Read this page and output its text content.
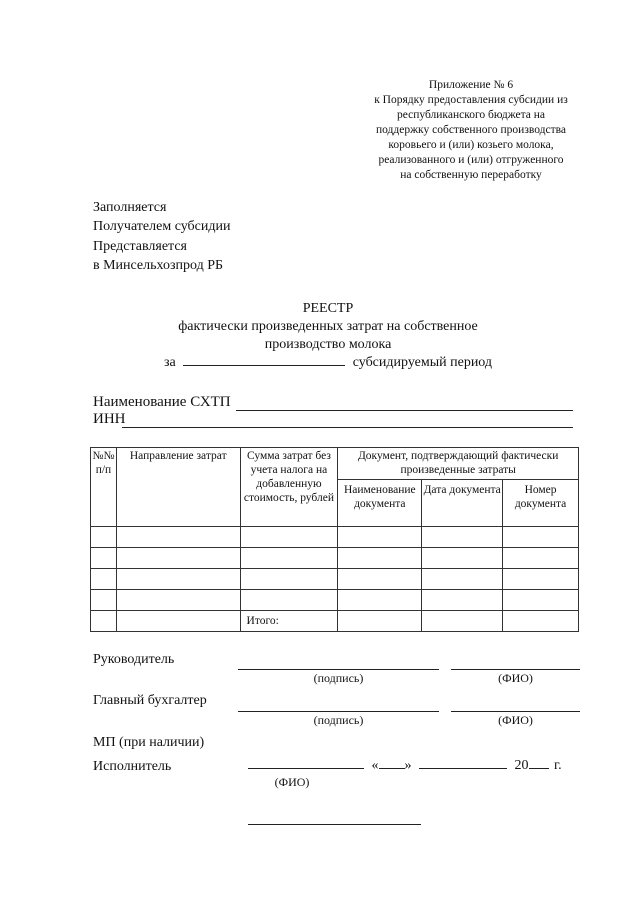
Приложение № 6
к Порядку предоставления субсидии из
республиканского бюджета на
поддержку собственного производства
коровьего и (или) козьего молока,
реализованного и (или) отгруженного
на собственную переработку
Заполняется
Получателем субсидии
Представляется
в Минсельхозпрод РБ
РЕЕСТР
фактически произведенных затрат на собственное
производство молока
за	субсидируемый период
Наименование СХТП
ИНН
№№ п/п	Направление затрат	Сумма затрат без учета налога на добавленную стоимость, рублей	Документ, подтверждающий фактически произведенные затраты		
			Наименование документа	Дата документа	Номер документа

		Итого:			
Руководитель
(подпись)	(ФИО)
Главный бухгалтер
(подпись)	(ФИО)
МП (при наличии)
Исполнитель	« »	20 г.
(ФИО)
